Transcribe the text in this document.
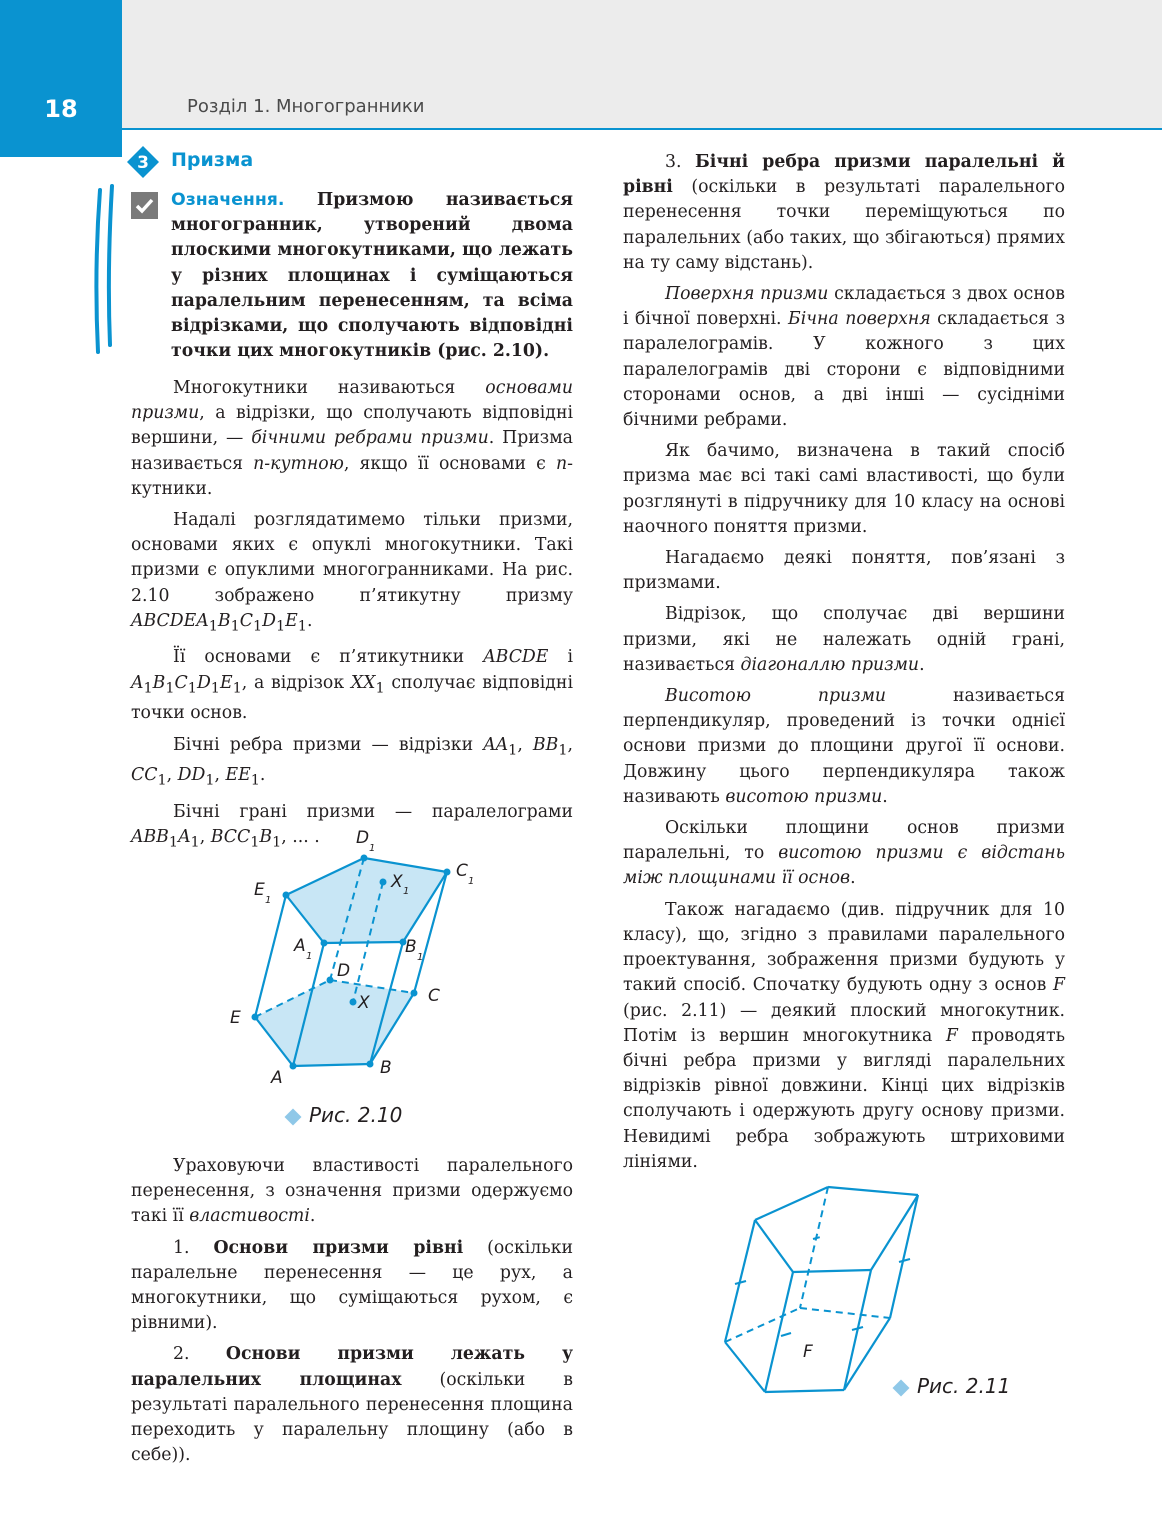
18	Розділ 1. Многогранники
3 Призма
Означення. Призмою називається многогранник, утворений двома плоскими многокутниками, що лежать у різних площинах і суміщаються паралельним перенесенням, та всіма відрізками, що сполучають відповідні точки цих многокутників (рис. 2.10).

Многокутники називаються основами призми, а відрізки, що сполучають відповідні вершини, — бічними ребрами призми. Призма називається n-кутною, якщо її основами є n-кутники.

Надалі розглядатимемо тільки призми, основами яких є опуклі многокутники. Такі призми є опуклими многогранниками. На рис. 2.10 зображено п’ятикутну призму $ABCDEA_1B_1C_1D_1E_1$.

Її основами є п’ятикутники ABCDE і $A_1B_1C_1D_1E_1$, а відрізок $XX_1$ сполучає відповідні точки основ.

Бічні ребра призми — відрізки $AA_1$, $BB_1$, $CC_1$, $DD_1$, $EE_1$.

Бічні грані призми — паралелограми $ABB_1A_1$, $BCC_1B_1$, ... .	D
1
C
1
E
1
X 1
A
1	B
1
D
C
X
E
A	B
Рис. 2.10

Ураховуючи властивості паралельного перенесення, з означення призми одержуємо такі її властивості.

1. Основи призми рівні (оскільки паралельне перенесення — це рух, а многокутники, що суміщаються рухом, є рівними).

2. Основи призми лежать у паралельних площинах (оскільки в результаті паралельного перенесення площина переходить у паралельну площину (або в себе)).

3. Бічні ребра призми паралельні й рівні (оскільки в результаті паралельного перенесення точки переміщуються по паралельних (або таких, що збігаються) прямих на ту саму відстань).

Поверхня призми складається з двох основ і бічної поверхні. Бічна поверхня складається з паралелограмів. У кожного з цих паралелограмів дві сторони є відповідними сторонами основ, а дві інші — сусідніми бічними ребрами.

Як бачимо, визначена в такий спосіб призма має всі такі самі властивості, що були розглянуті в підручнику для 10 класу на основі наочного поняття призми.

Нагадаємо деякі поняття, пов’язані з призмами.

Відрізок, що сполучає дві вершини призми, які не належать одній грані, називається діагоналлю призми.

Висотою призми називається перпендикуляр, проведений із точки однієї основи призми до площини другої її основи. Довжину цього перпендикуляра також називають висотою призми.

Оскільки площини основ призми паралельні, то висотою призми є відстань між площинами її основ.

Також нагадаємо (див. підручник для 10 класу), що, згідно з правилами паралельного проектування, зображення призми будують у такий спосіб. Спочатку будують одну з основ F (рис. 2.11) — деякий плоский многокутник. Потім із вершин многокутника F проводять бічні ребра призми у вигляді паралельних відрізків рівної довжини. Кінці цих відрізків сполучають і одержують другу основу призми. Невидимі ребра зображують штриховими лініями.

F
Рис. 2.11
